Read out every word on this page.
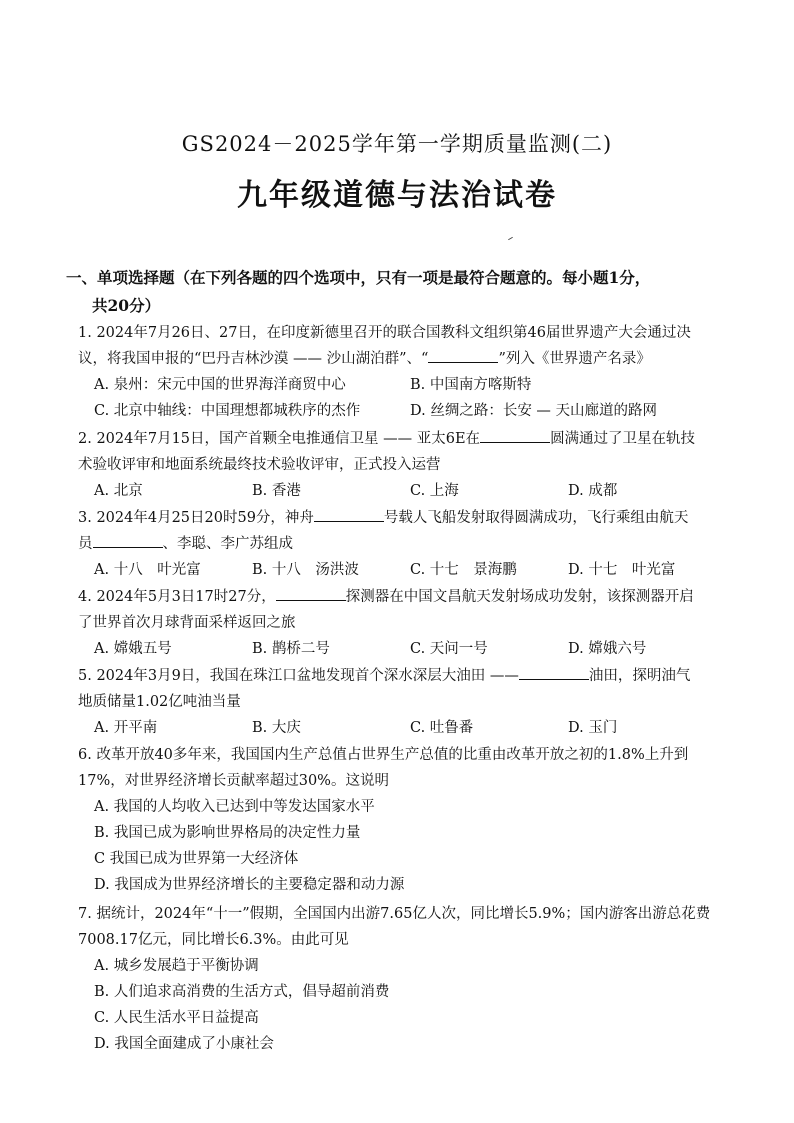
GS2024－2025学年第一学期质量监测(二)
九年级道德与法治试卷
一、单项选择题（在下列各题的四个选项中，只有一项是最符合题意的。每小题1分，
共20分）
1. 2024年7月26日、27日，在印度新德里召开的联合国教科文组织第46届世界遗产大会通过决
议，将我国申报的“巴丹吉林沙漠 —— 沙山湖泊群”、“	”列入《世界遗产名录》
A. 泉州：宋元中国的世界海洋商贸中心	B. 中国南方喀斯特
C. 北京中轴线：中国理想都城秩序的杰作	D. 丝绸之路：长安 — 天山廊道的路网
2. 2024年7月15日，国产首颗全电推通信卫星 —— 亚太6E在	圆满通过了卫星在轨技
术验收评审和地面系统最终技术验收评审，正式投入运营
A. 北京	B. 香港	C. 上海	D. 成都
3. 2024年4月25日20时59分，神舟	号载人飞船发射取得圆满成功，飞行乘组由航天
员	、李聪、李广苏组成
A. 十八　叶光富	B. 十八　汤洪波	C. 十七　景海鹏	D. 十七　叶光富
4. 2024年5月3日17时27分，	探测器在中国文昌航天发射场成功发射，该探测器开启
了世界首次月球背面采样返回之旅
A. 嫦娥五号	B. 鹊桥二号	C. 天问一号	D. 嫦娥六号
5. 2024年3月9日，我国在珠江口盆地发现首个深水深层大油田 ——	油田，探明油气
地质储量1.02亿吨油当量
A. 开平南	B. 大庆	C. 吐鲁番	D. 玉门
6. 改革开放40多年来，我国国内生产总值占世界生产总值的比重由改革开放之初的1.8%上升到
17%，对世界经济增长贡献率超过30%。这说明
A. 我国的人均收入已达到中等发达国家水平
B. 我国已成为影响世界格局的决定性力量
C 我国已成为世界第一大经济体
D. 我国成为世界经济增长的主要稳定器和动力源
7. 据统计，2024年“十一”假期，全国国内出游7.65亿人次，同比增长5.9%；国内游客出游总花费
7008.17亿元，同比增长6.3%。由此可见
A. 城乡发展趋于平衡协调
B. 人们追求高消费的生活方式，倡导超前消费
C. 人民生活水平日益提高
D. 我国全面建成了小康社会
